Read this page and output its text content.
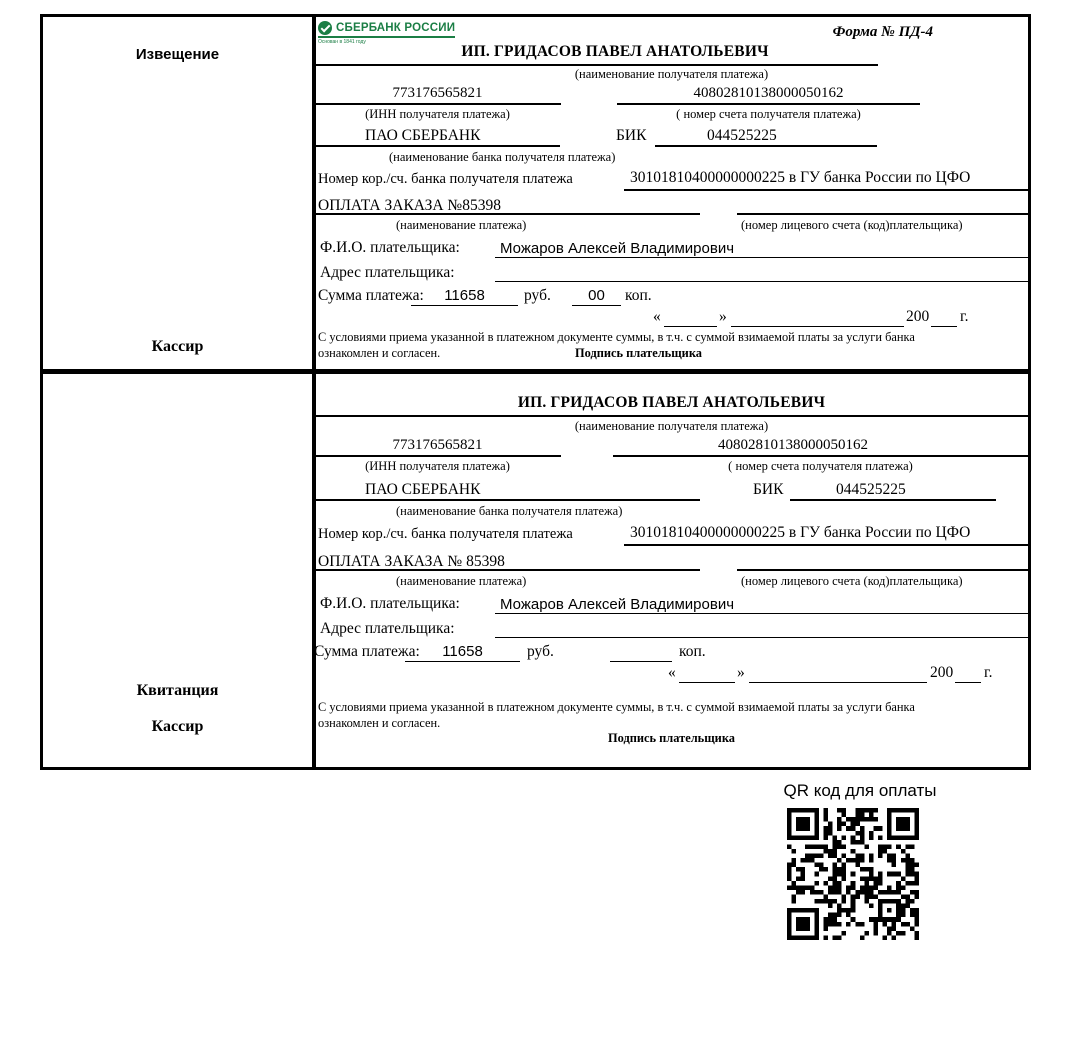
Извещение
Кассир
СБЕРБАНК РОССИИ
Основан в 1841 году
Форма № ПД-4
ИП. ГРИДАСОВ ПАВЕЛ АНАТОЛЬЕВИЧ
(наименование получателя платежа)
773176565821	40802810138000050162
(ИНН получателя платежа)	( номер счета получателя платежа)
ПАО СБЕРБАНК	БИК	044525225
(наименование банка получателя платежа)
Номер кор./сч. банка получателя платежа	30101810400000000225 в ГУ банка России по ЦФО
ОПЛАТА ЗАКАЗА №85398
(наименование платежа)	(номер лицевого счета (код)плательщика)
Ф.И.О. плательщика:	Можаров Алексей Владимирович
Адрес плательщика:
Сумма платежа:	11658	руб.	00	коп.
«	»	200 г.
С условиями приема указанной в платежном документе суммы, в т.ч. с суммой взимаемой платы за услуги банка
ознакомлен и согласен.	Подпись плательщика
Квитанция
Кассир
ИП. ГРИДАСОВ ПАВЕЛ АНАТОЛЬЕВИЧ
(наименование получателя платежа)
773176565821	40802810138000050162
(ИНН получателя платежа)	( номер счета получателя платежа)
ПАО СБЕРБАНК	БИК	044525225
(наименование банка получателя платежа)
Номер кор./сч. банка получателя платежа	30101810400000000225 в ГУ банка России по ЦФО
ОПЛАТА ЗАКАЗА № 85398
(наименование платежа)	(номер лицевого счета (код)плательщика)
Ф.И.О. плательщика:	Можаров Алексей Владимирович
Адрес плательщика:
Сумма платежа:	11658	руб.	коп.
«	»	200 г.
С условиями приема указанной в платежном документе суммы, в т.ч. с суммой взимаемой платы за услуги банка
ознакомлен и согласен.
Подпись плательщика
QR код для оплаты
